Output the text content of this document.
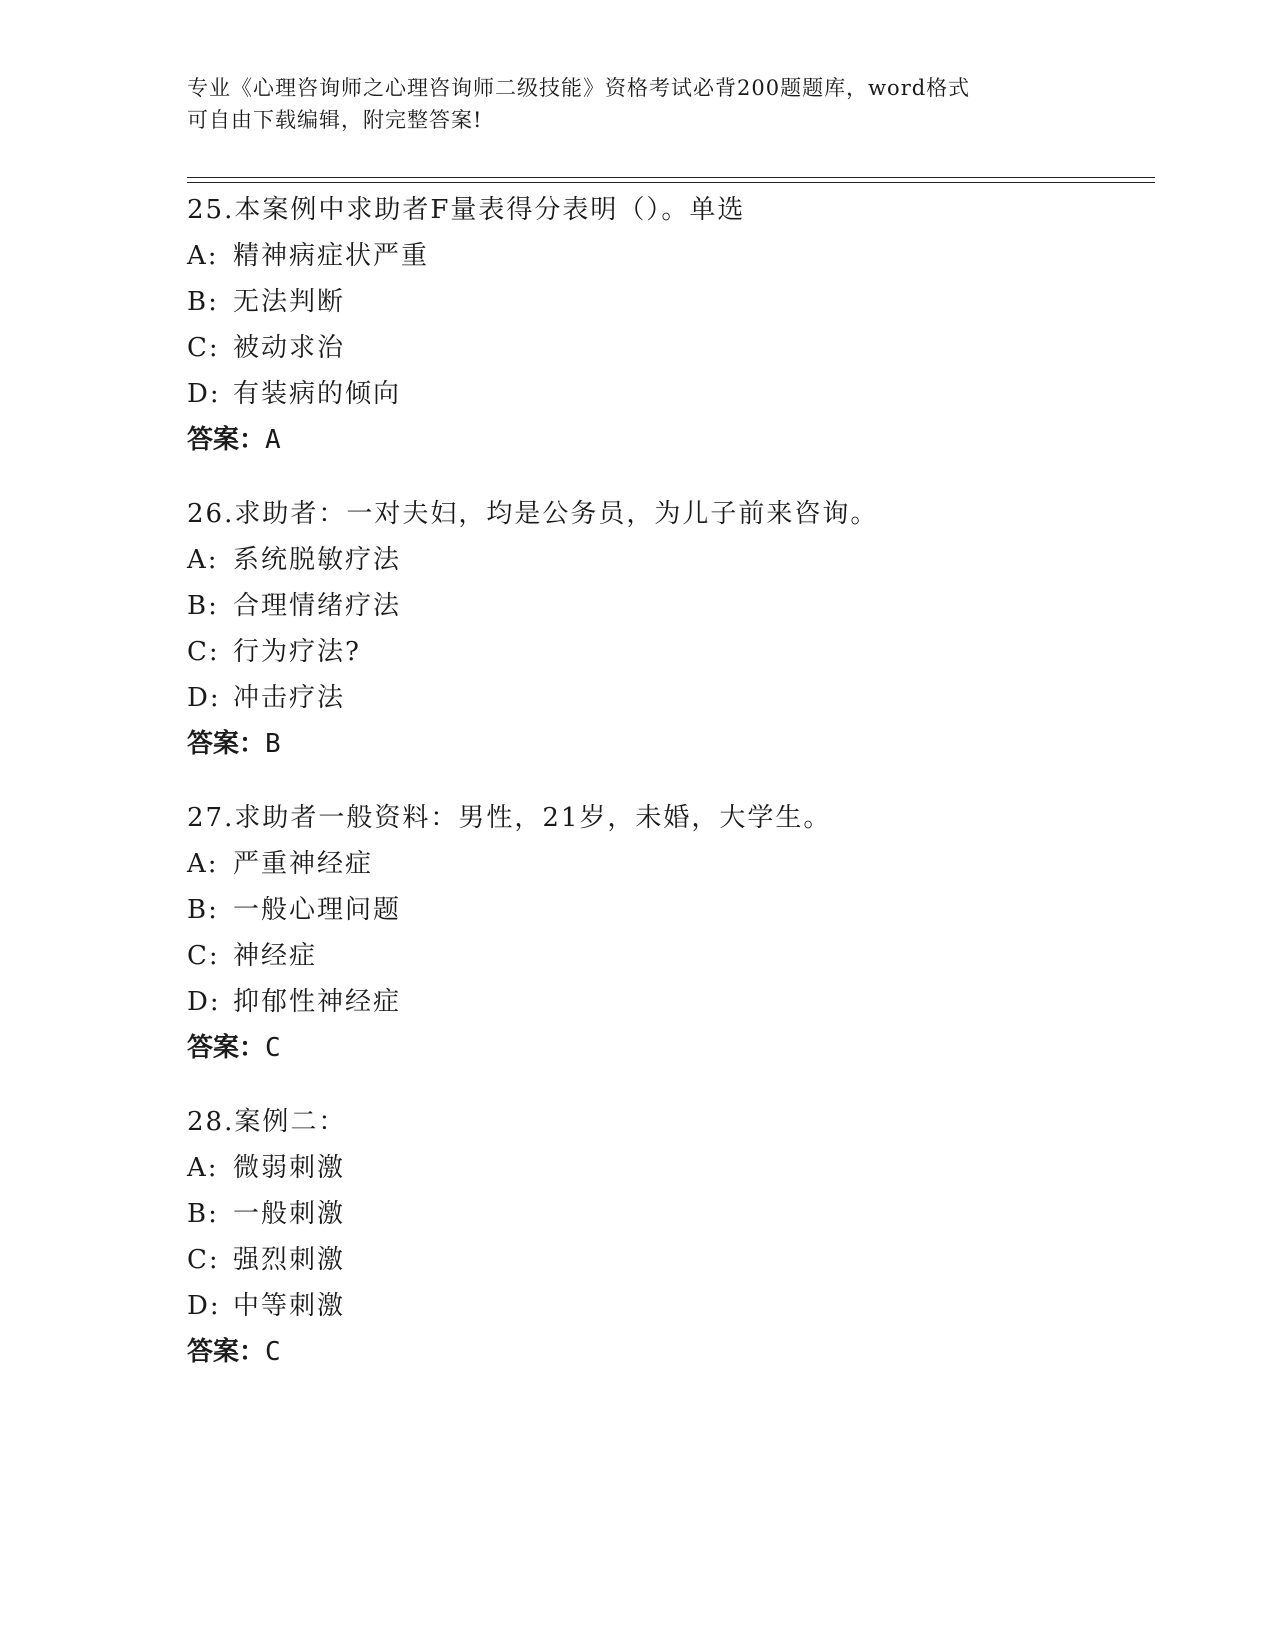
专业《心理咨询师之心理咨询师二级技能》资格考试必背200题题库，word格式
可自由下载编辑，附完整答案!
25.本案例中求助者F量表得分表明（）。单选
A: 精神病症状严重
B: 无法判断
C: 被动求治
D: 有装病的倾向
答案：A
26.求助者：一对夫妇，均是公务员，为儿子前来咨询。
A: 系统脱敏疗法
B: 合理情绪疗法
C: 行为疗法?
D: 冲击疗法
答案：B
27.求助者一般资料：男性，21岁，未婚，大学生。
A: 严重神经症
B: 一般心理问题
C: 神经症
D: 抑郁性神经症
答案：C
28.案例二：
A: 微弱刺激
B: 一般刺激
C: 强烈刺激
D: 中等刺激
答案：C
